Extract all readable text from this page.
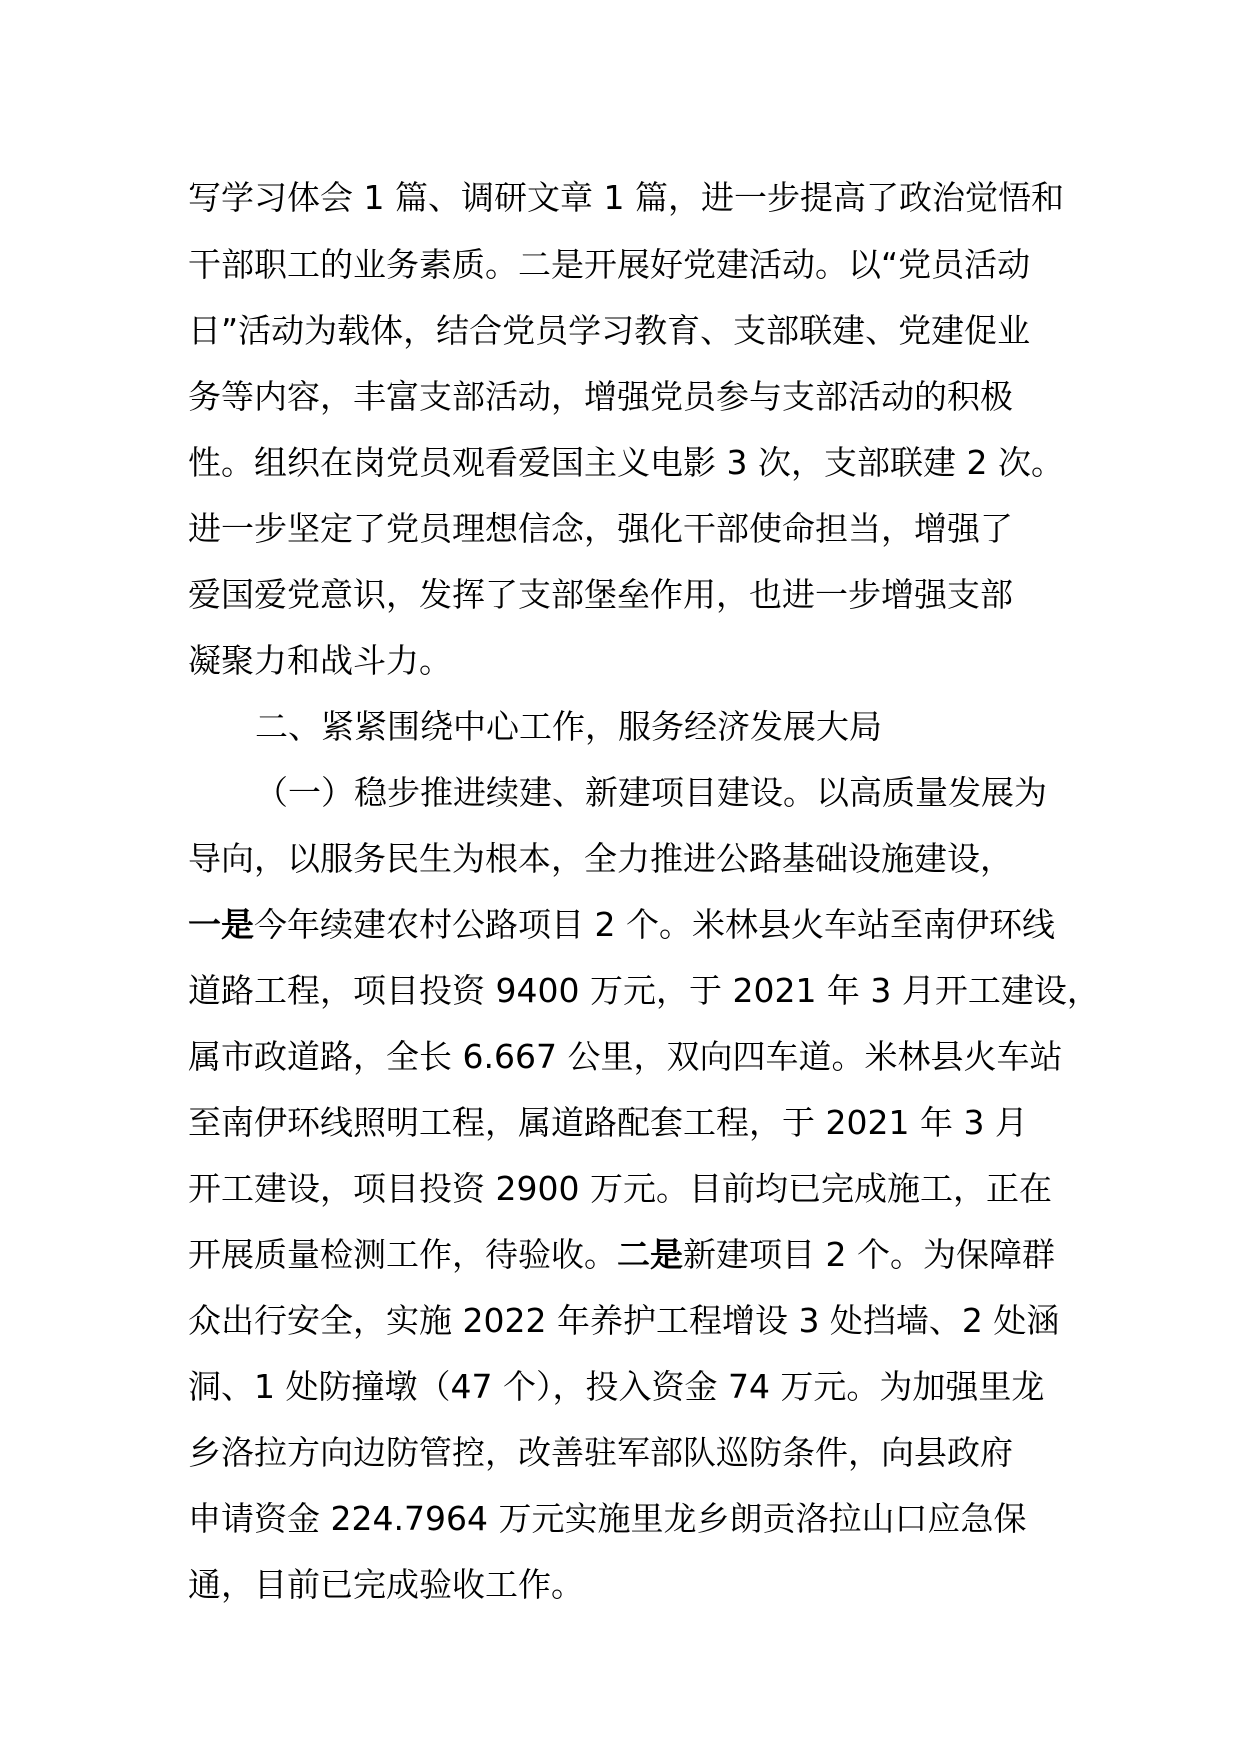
写学习体会 1 篇、调研文章 1 篇，进一步提高了政治觉悟和
干部职工的业务素质。二是开展好党建活动。以“党员活动
日”活动为载体，结合党员学习教育、支部联建、党建促业
务等内容，丰富支部活动，增强党员参与支部活动的积极
性。组织在岗党员观看爱国主义电影 3 次，支部联建 2 次。
进一步坚定了党员理想信念，强化干部使命担当，增强了
爱国爱党意识，发挥了支部堡垒作用，也进一步增强支部
凝聚力和战斗力。
二、紧紧围绕中心工作，服务经济发展大局
（一）稳步推进续建、新建项目建设。以高质量发展为
导向，以服务民生为根本，全力推进公路基础设施建设，
一是今年续建农村公路项目 2 个。米林县火车站至南伊环线
道路工程，项目投资 9400 万元，于 2021 年 3 月开工建设，
属市政道路，全长 6.667 公里，双向四车道。米林县火车站
至南伊环线照明工程，属道路配套工程，于 2021 年 3 月
开工建设，项目投资 2900 万元。目前均已完成施工，正在
开展质量检测工作，待验收。二是新建项目 2 个。为保障群
众出行安全，实施 2022 年养护工程增设 3 处挡墙、2 处涵
洞、1 处防撞墩（47 个），投入资金 74 万元。为加强里龙
乡洛拉方向边防管控，改善驻军部队巡防条件，向县政府
申请资金 224.7964 万元实施里龙乡朗贡洛拉山口应急保
通，目前已完成验收工作。
